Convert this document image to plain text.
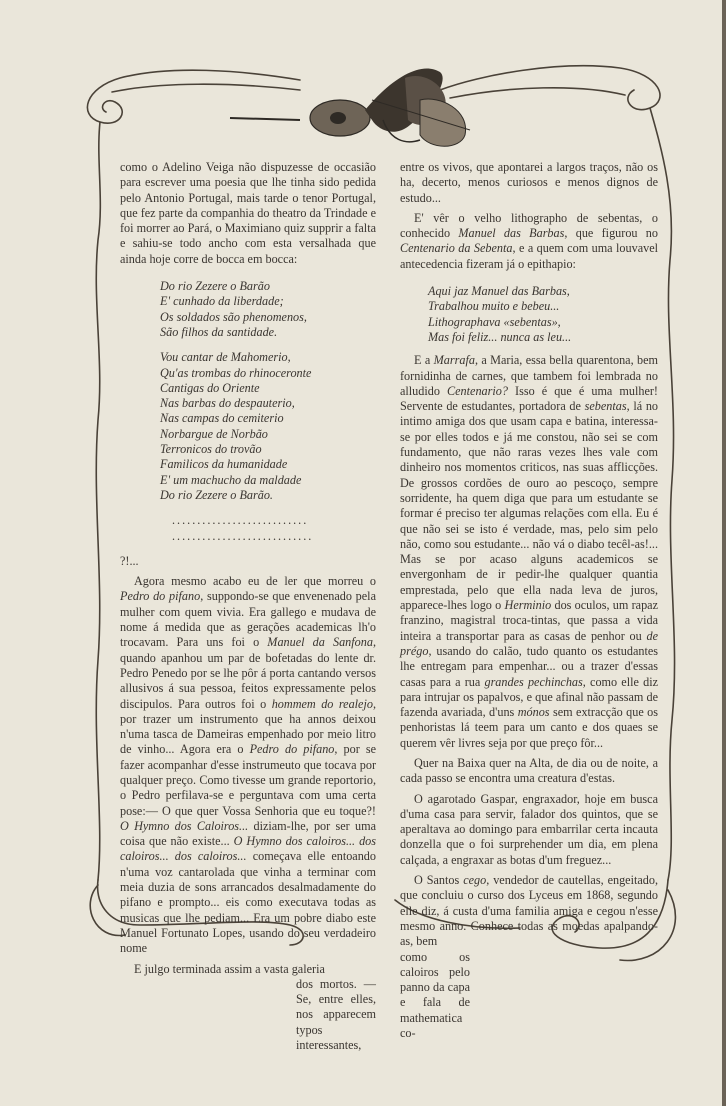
como o Adelino Veiga não dispuzesse de occasião para escrever uma poesia que lhe tinha sido pedida pelo Antonio Portugal, mais tarde o tenor Portugal, que fez parte da companhia do theatro da Trindade e foi morrer ao Pará, o Maximiano quiz supprir a falta e sahiu-se todo ancho com esta versalhada que ainda hoje corre de bocca em bocca:

Do rio Zezere o Barão
E' cunhado da liberdade;
Os soldados são phenomenos,
São filhos da santidade.
Vou cantar de Mahomerio,
Qu'as trombas do rhinoceronte
Cantigas do Oriente
Nas barbas do despauterio,
Nas campas do cemiterio
Norbargue de Norbão
Terronicos do trovão
Familicos da humanidade
E' um machucho da maldade
Do rio Zezere o Barão.
...........................
............................

?!...

Agora mesmo acabo eu de ler que morreu o Pedro do pifano, suppondo-se que envenenado pela mulher com quem vivia. Era gallego e mudava de nome á medida que as gerações academicas lh'o trocavam. Para uns foi o Manuel da Sanfona, quando apanhou um par de bofetadas do lente dr. Pedro Penedo por se lhe pôr á porta cantando versos allusivos á sua pessoa, feitos expressamente pelos discipulos. Para outros foi o hommem do realejo, por trazer um instrumento que ha annos deixou n'uma tasca de Dameiras empenhado por meio litro de vinho... Agora era o Pedro do pifano, por se fazer acompanhar d'esse instrumeuto que tocava por qualquer preço. Como tivesse um grande reportorio, o Pedro perfilava-se e perguntava com uma certa pose:— O que quer Vossa Senhoria que eu toque?! O Hymno dos Caloiros... diziam-lhe, por ser uma coisa que não existe... O Hymno dos caloiros... dos caloiros... dos caloiros... começava elle entoando n'uma voz cantarolada que vinha a terminar com meia duzia de sons arrancados desalmadamente do pifano e prompto... eis como executava todas as musicas que lhe pediam... Era um pobre diabo este Manuel Fortunato Lopes, usando do seu verdadeiro nome

E julgo terminada assim a vasta galeria

dos mortos. — Se, entre elles, nos apparecem typos interessantes,

entre os vivos, que apontarei a largos traços, não os ha, decerto, menos curiosos e menos dignos de estudo...

E' vêr o velho lithographo de sebentas, o conhecido Manuel das Barbas, que figurou no Centenario da Sebenta, e a quem com uma louvavel antecedencia fizeram já o epithapio:

Aqui jaz Manuel das Barbas,
Trabalhou muito e bebeu...
Lithographava «sebentas»,
Mas foi feliz... nunca as leu...

E a Marrafa, a Maria, essa bella quarentona, bem fornidinha de carnes, que tambem foi lembrada no alludido Centenario? Isso é que é uma mulher! Servente de estudantes, portadora de sebentas, lá no intimo amiga dos que usam capa e batina, interessa-se por elles todos e já me constou, não sei se com fundamento, que não raras vezes lhes vale com dinheiro nos momentos criticos, nas suas afflicções. De grossos cordões de ouro ao pescoço, sempre sorridente, ha quem diga que para um estudante se formar é preciso ter algumas relações com ella. Eu é que não sei se isto é verdade, mas, pelo sim pelo não, como sou estudante... não vá o diabo tecêl-as!... Mas se por acaso alguns academicos se envergonham de ir pedir-lhe qualquer quantia emprestada, pelo que ella nada leva de juros, apparece-lhes logo o Herminio dos oculos, um rapaz franzino, magistral troca-tintas, que passa a vida inteira a transportar para as casas de penhor ou de prégo, usando do calão, tudo quanto os estudantes lhe entregam para empenhar... ou a trazer d'essas casas para a rua grandes pechinchas, como elle diz para intrujar os papalvos, e que afinal não passam de fazenda avariada, d'uns mónos sem extracção que os penhoristas lá teem para um canto e dos quaes se querem vêr livres seja por que preço fôr...

Quer na Baixa quer na Alta, de dia ou de noite, a cada passo se encontra uma creatura d'estas.

O agarotado Gaspar, engraxador, hoje em busca d'uma casa para servir, falador dos quintos, que se aperaltava ao domingo para embarrilar certa incauta donzella que o foi surprehender um dia, em plena calçada, a engraxar as botas d'um freguez...

O Santos cego, vendedor de cautellas, engeitado, que concluiu o curso dos Lyceus em 1868, segundo elle diz, á custa d'uma familia amiga e cegou n'esse mesmo anno. Conhece todas as moedas apalpando-as, bem

como os caloiros pelo panno da capa e fala de mathematica co-
